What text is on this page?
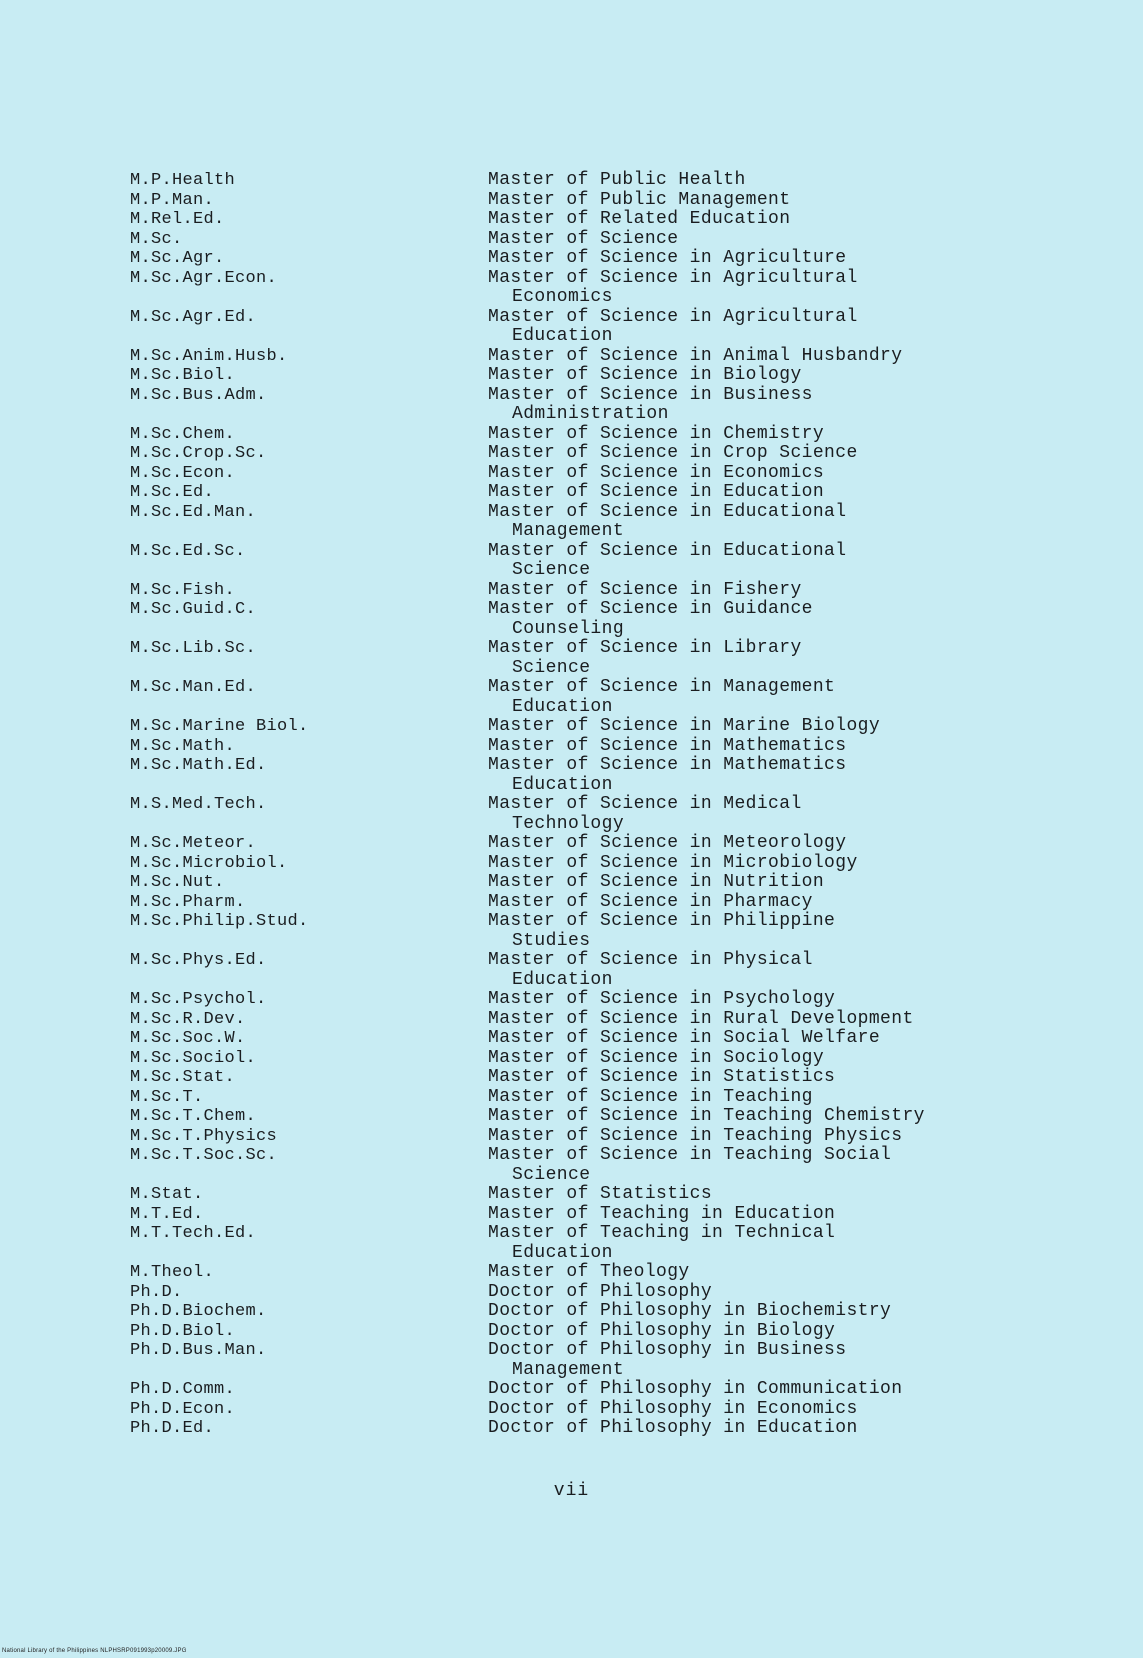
M.P.Health	Master of Public Health
M.P.Man.	Master of Public Management
M.Rel.Ed.	Master of Related Education
M.Sc.	Master of Science
M.Sc.Agr.	Master of Science in Agriculture
M.Sc.Agr.Econ.	Master of Science in Agricultural
Economics
M.Sc.Agr.Ed.	Master of Science in Agricultural
Education
M.Sc.Anim.Husb.	Master of Science in Animal Husbandry
M.Sc.Biol.	Master of Science in Biology
M.Sc.Bus.Adm.	Master of Science in Business
Administration
M.Sc.Chem.	Master of Science in Chemistry
M.Sc.Crop.Sc.	Master of Science in Crop Science
M.Sc.Econ.	Master of Science in Economics
M.Sc.Ed.	Master of Science in Education
M.Sc.Ed.Man.	Master of Science in Educational
Management
M.Sc.Ed.Sc.	Master of Science in Educational
Science
M.Sc.Fish.	Master of Science in Fishery
M.Sc.Guid.C.	Master of Science in Guidance
Counseling
M.Sc.Lib.Sc.	Master of Science in Library
Science
M.Sc.Man.Ed.	Master of Science in Management
Education
M.Sc.Marine Biol.	Master of Science in Marine Biology
M.Sc.Math.	Master of Science in Mathematics
M.Sc.Math.Ed.	Master of Science in Mathematics
Education
M.S.Med.Tech.	Master of Science in Medical
Technology
M.Sc.Meteor.	Master of Science in Meteorology
M.Sc.Microbiol.	Master of Science in Microbiology
M.Sc.Nut.	Master of Science in Nutrition
M.Sc.Pharm.	Master of Science in Pharmacy
M.Sc.Philip.Stud.	Master of Science in Philippine
Studies
M.Sc.Phys.Ed.	Master of Science in Physical
Education
M.Sc.Psychol.	Master of Science in Psychology
M.Sc.R.Dev.	Master of Science in Rural Development
M.Sc.Soc.W.	Master of Science in Social Welfare
M.Sc.Sociol.	Master of Science in Sociology
M.Sc.Stat.	Master of Science in Statistics
M.Sc.T.	Master of Science in Teaching
M.Sc.T.Chem.	Master of Science in Teaching Chemistry
M.Sc.T.Physics	Master of Science in Teaching Physics
M.Sc.T.Soc.Sc.	Master of Science in Teaching Social
Science
M.Stat.	Master of Statistics
M.T.Ed.	Master of Teaching in Education
M.T.Tech.Ed.	Master of Teaching in Technical
Education
M.Theol.	Master of Theology
Ph.D.	Doctor of Philosophy
Ph.D.Biochem.	Doctor of Philosophy in Biochemistry
Ph.D.Biol.	Doctor of Philosophy in Biology
Ph.D.Bus.Man.	Doctor of Philosophy in Business
Management
Ph.D.Comm.	Doctor of Philosophy in Communication
Ph.D.Econ.	Doctor of Philosophy in Economics
Ph.D.Ed.	Doctor of Philosophy in Education
vii
National Library of the Philippines NLPHSRP091993p20009.JPG
